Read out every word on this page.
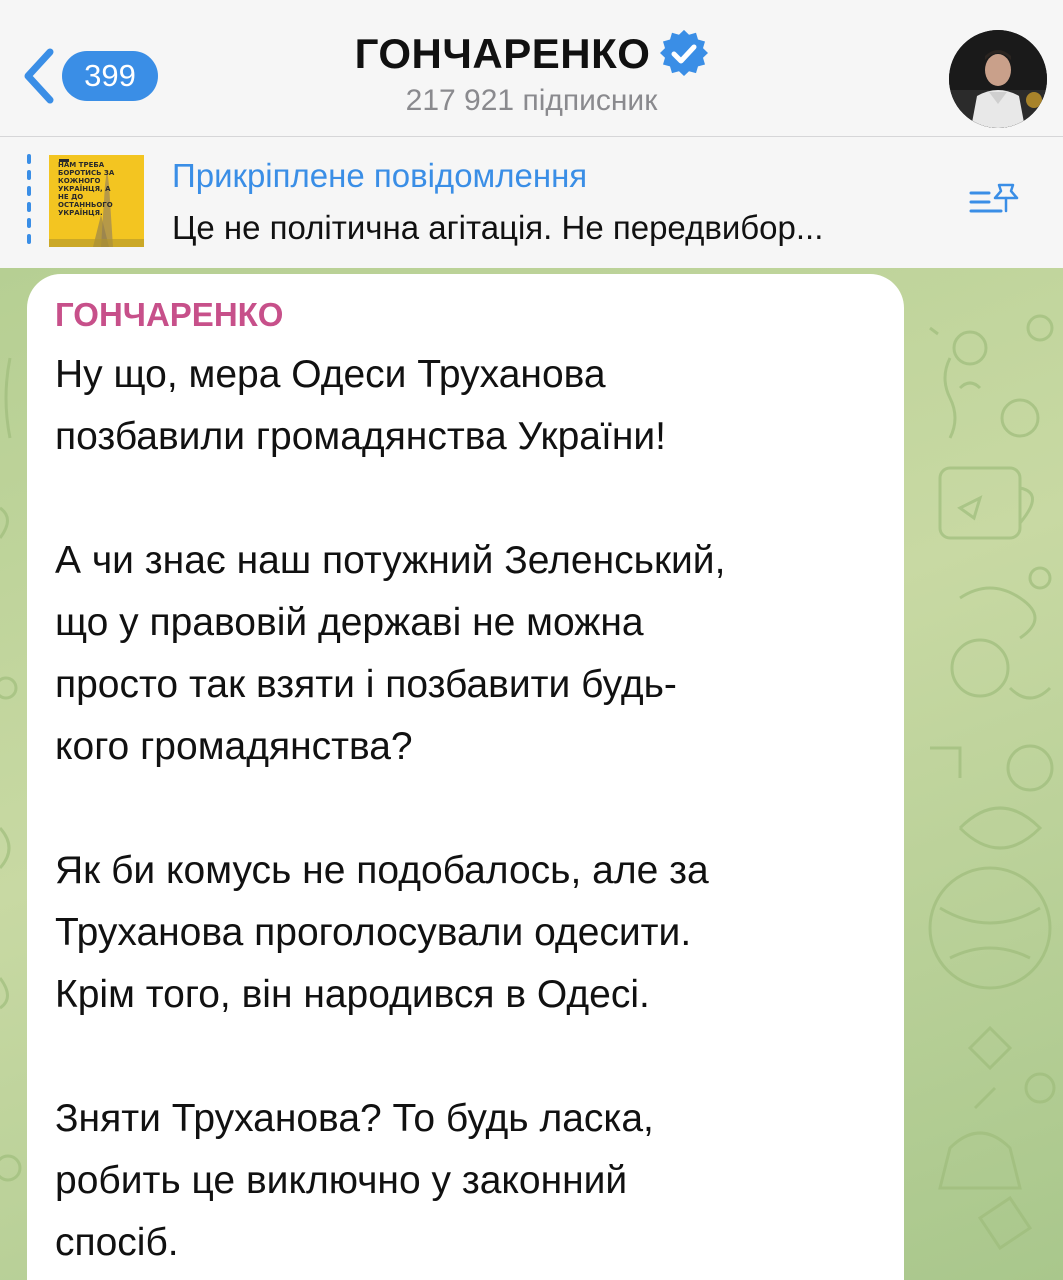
399	ГОНЧАРЕНКО
217 921 підписник
НАМ ТРЕБА БОРОТИСЬ ЗА КОЖНОГО УКРАЇНЦЯ, А НЕ ДО ОСТАННЬОГО УКРАЇНЦЯ.
Прикріплене повідомлення
Це не політична агітація. Не передвибор...
ГОНЧАРЕНКО

Ну що, мера Одеси Труханова
позбавили громадянства України!

А чи знає наш потужний Зеленський,
що у правовій державі не можна
просто так взяти і позбавити будь-
кого громадянства?

Як би комусь не подобалось, але за
Труханова проголосували одесити.
Крім того, він народився в Одесі.

Зняти Труханова? То будь ласка,
робить це виключно у законний
спосіб.
